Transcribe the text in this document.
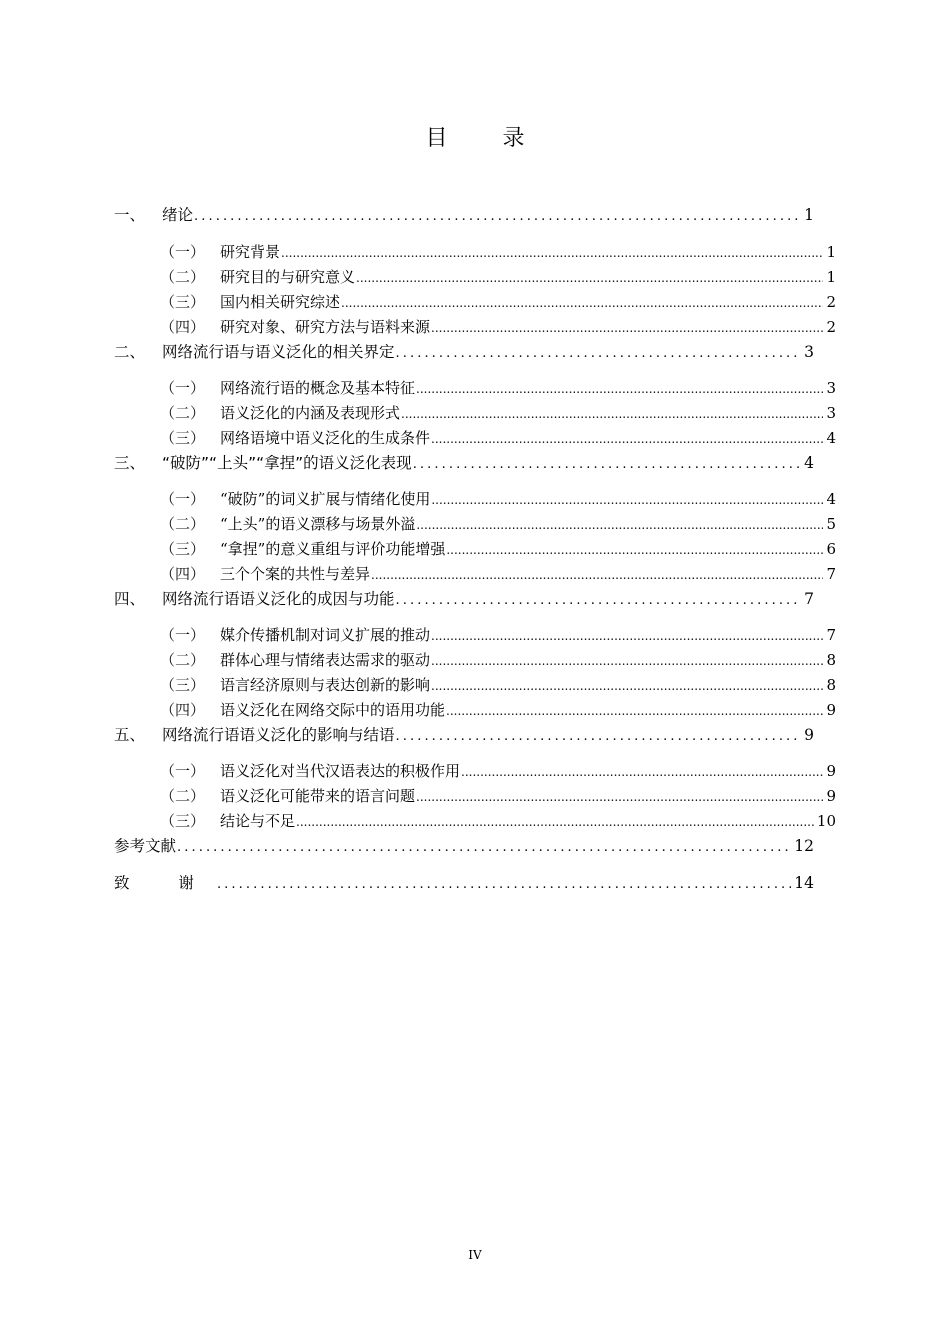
目 录
一、	绪论 .....	1
（一） 研究背景 .....	1
（二） 研究目的与研究意义 .....	1
（三） 国内相关研究综述 .....	2
（四） 研究对象、研究方法与语料来源 .....	2
二、	网络流行语与语义泛化的相关界定 .....	3
（一） 网络流行语的概念及基本特征 .....	3
（二） 语义泛化的内涵及表现形式 .....	3
（三） 网络语境中语义泛化的生成条件 .....	4
三、	“破防”“上头”“拿捏”的语义泛化表现 .....	4
（一） “破防”的词义扩展与情绪化使用 .....	4
（二） “上头”的语义漂移与场景外溢 .....	5
（三） “拿捏”的意义重组与评价功能增强 .....	6
（四） 三个个案的共性与差异 .....	7
四、	网络流行语语义泛化的成因与功能 .....	7
（一） 媒介传播机制对词义扩展的推动 .....	7
（二） 群体心理与情绪表达需求的驱动 .....	8
（三） 语言经济原则与表达创新的影响 .....	8
（四） 语义泛化在网络交际中的语用功能 .....	9
五、	网络流行语语义泛化的影响与结语 .....	9
（一） 语义泛化对当代汉语表达的积极作用 .....	9
（二） 语义泛化可能带来的语言问题 .....	9
（三） 结论与不足 .....	10
参考文献 .....	12
致 谢 .....	14
IV
